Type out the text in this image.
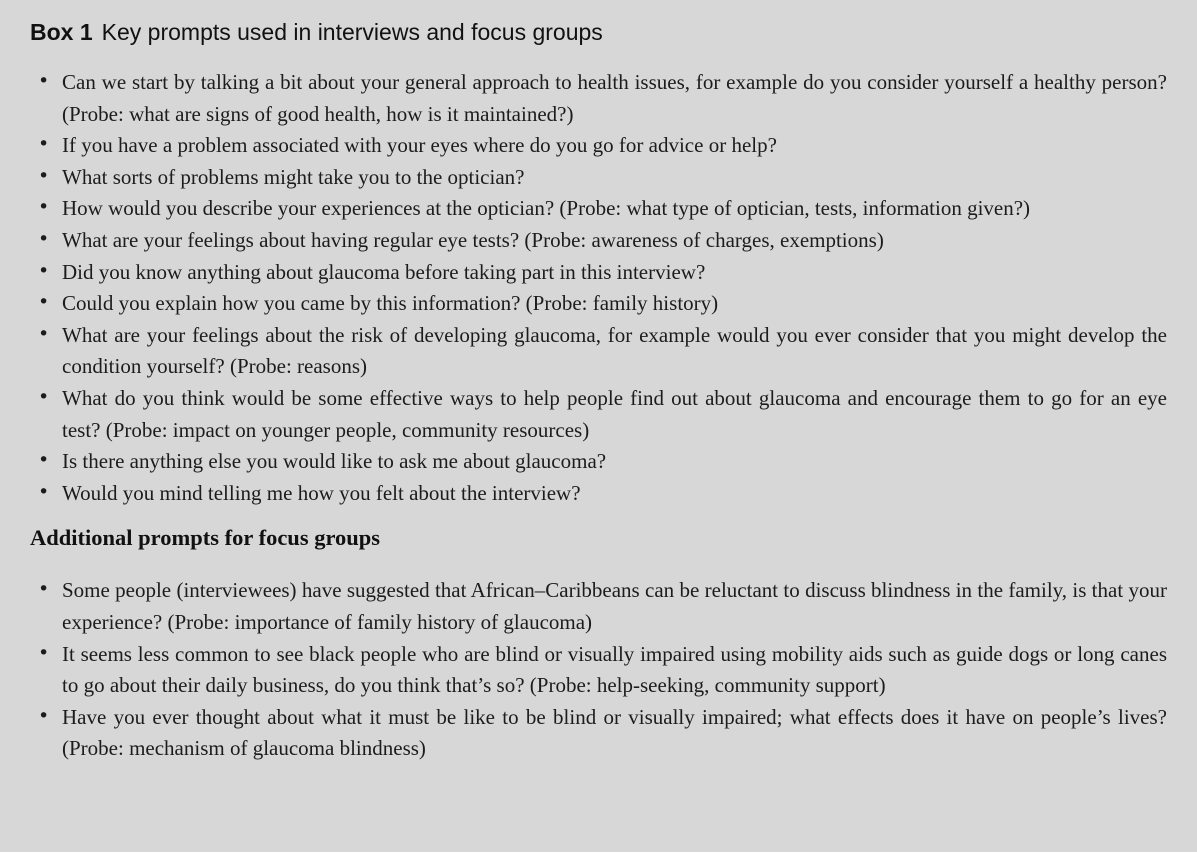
Box 1 Key prompts used in interviews and focus groups
• Can we start by talking a bit about your general approach to health issues, for example do you consider yourself a healthy person? (Probe: what are signs of good health, how is it maintained?)
• If you have a problem associated with your eyes where do you go for advice or help?
• What sorts of problems might take you to the optician?
• How would you describe your experiences at the optician? (Probe: what type of optician, tests, information given?)
• What are your feelings about having regular eye tests? (Probe: awareness of charges, exemptions)
• Did you know anything about glaucoma before taking part in this interview?
• Could you explain how you came by this information? (Probe: family history)
• What are your feelings about the risk of developing glaucoma, for example would you ever consider that you might develop the condition yourself? (Probe: reasons)
• What do you think would be some effective ways to help people find out about glaucoma and encourage them to go for an eye test? (Probe: impact on younger people, community resources)
• Is there anything else you would like to ask me about glaucoma?
• Would you mind telling me how you felt about the interview?
Additional prompts for focus groups
• Some people (interviewees) have suggested that African–Caribbeans can be reluctant to discuss blindness in the family, is that your experience? (Probe: importance of family history of glaucoma)
• It seems less common to see black people who are blind or visually impaired using mobility aids such as guide dogs or long canes to go about their daily business, do you think that’s so? (Probe: help-seeking, community support)
• Have you ever thought about what it must be like to be blind or visually impaired; what effects does it have on people’s lives? (Probe: mechanism of glaucoma blindness)
